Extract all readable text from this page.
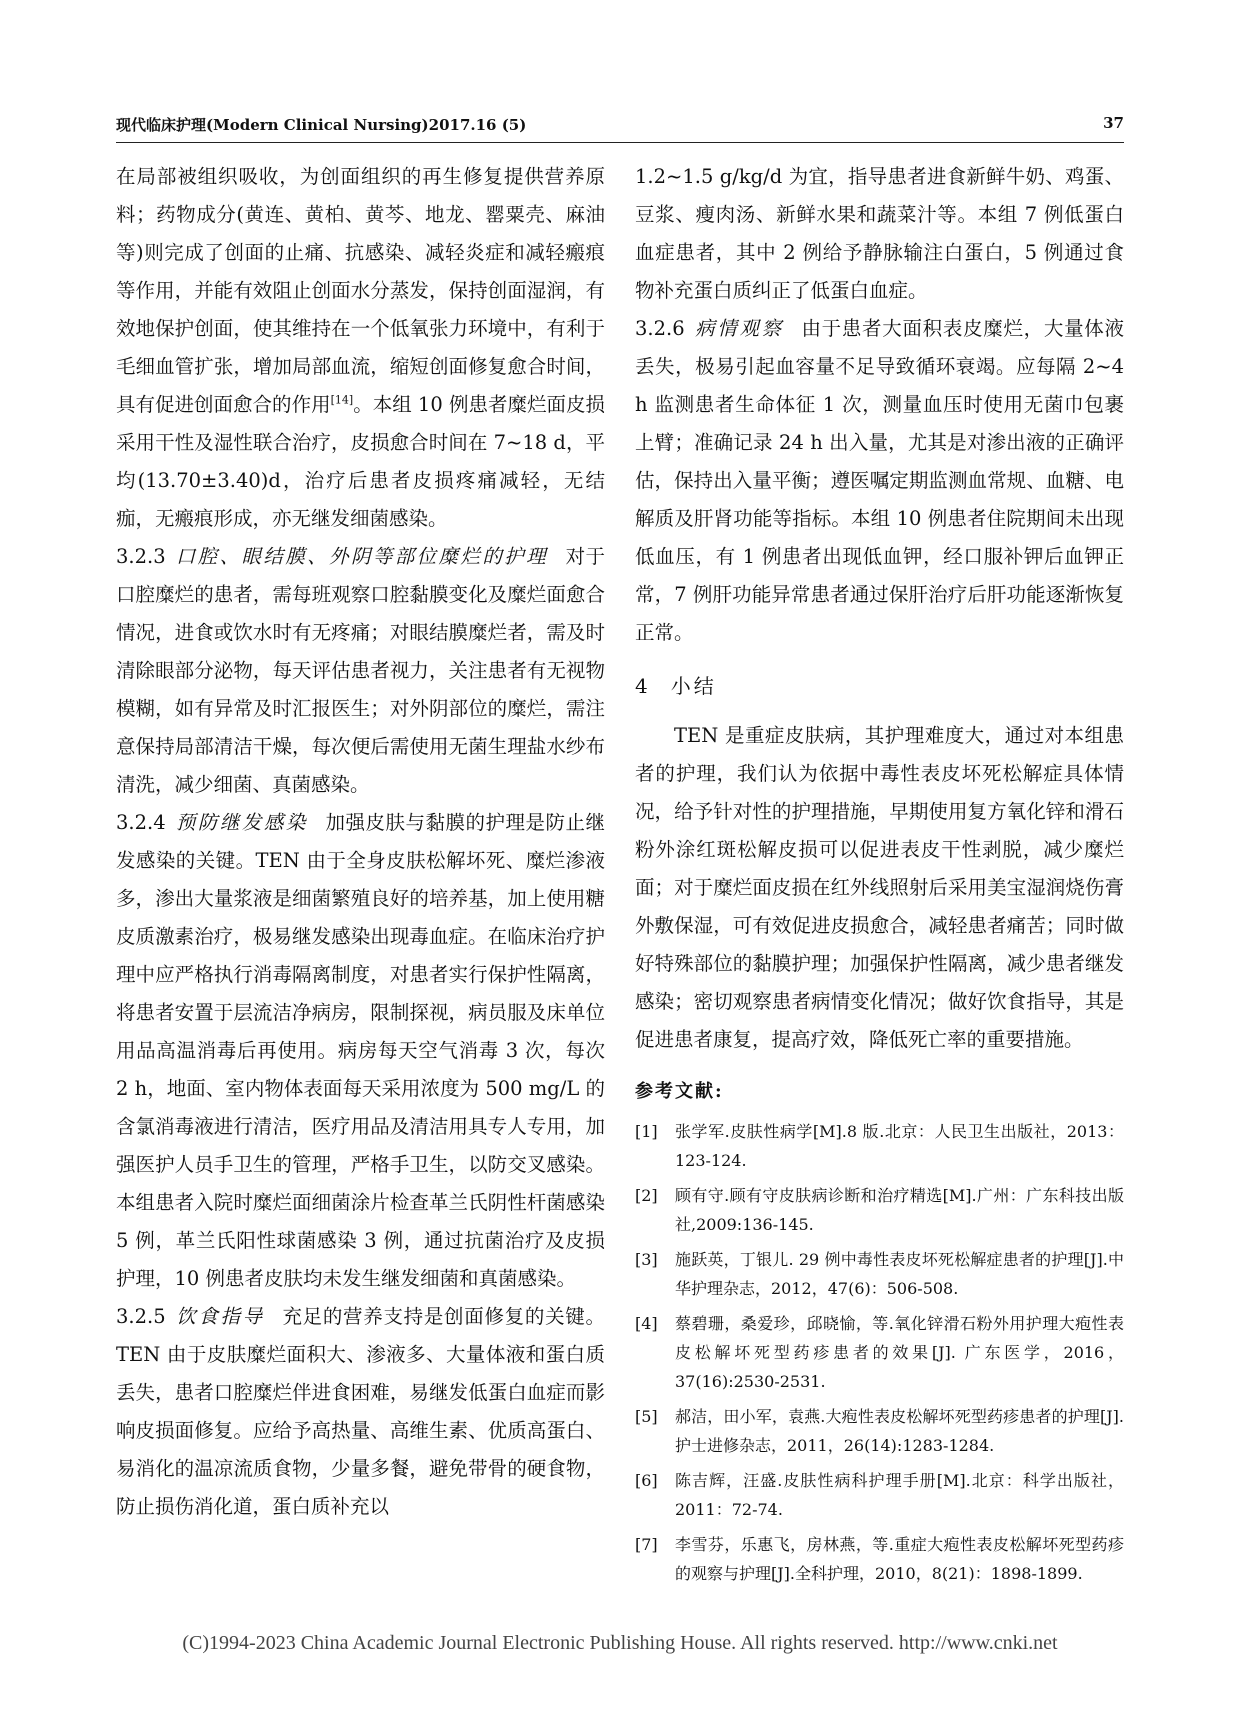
现代临床护理(Modern Clinical Nursing)2017.16 (5)	37

在局部被组织吸收，为创面组织的再生修复提供营养原料；药物成分(黄连、黄柏、黄芩、地龙、罂粟壳、麻油等)则完成了创面的止痛、抗感染、减轻炎症和减轻瘢痕等作用，并能有效阻止创面水分蒸发，保持创面湿润，有效地保护创面，使其维持在一个低氧张力环境中，有利于毛细血管扩张，增加局部血流，缩短创面修复愈合时间，具有促进创面愈合的作用[14]。本组 10 例患者糜烂面皮损采用干性及湿性联合治疗，皮损愈合时间在 7~18 d，平均(13.70±3.40)d，治疗后患者皮损疼痛减轻，无结痂，无瘢痕形成，亦无继发细菌感染。

3.2.3 口腔、眼结膜、外阴等部位糜烂的护理 对于口腔糜烂的患者，需每班观察口腔黏膜变化及糜烂面愈合情况，进食或饮水时有无疼痛；对眼结膜糜烂者，需及时清除眼部分泌物，每天评估患者视力，关注患者有无视物模糊，如有异常及时汇报医生；对外阴部位的糜烂，需注意保持局部清洁干燥，每次便后需使用无菌生理盐水纱布清洗，减少细菌、真菌感染。

3.2.4 预防继发感染 加强皮肤与黏膜的护理是防止继发感染的关键。TEN 由于全身皮肤松解坏死、糜烂渗液多，渗出大量浆液是细菌繁殖良好的培养基，加上使用糖皮质激素治疗，极易继发感染出现毒血症。在临床治疗护理中应严格执行消毒隔离制度，对患者实行保护性隔离，将患者安置于层流洁净病房，限制探视，病员服及床单位用品高温消毒后再使用。病房每天空气消毒 3 次，每次 2 h，地面、室内物体表面每天采用浓度为 500 mg/L 的含氯消毒液进行清洁，医疗用品及清洁用具专人专用，加强医护人员手卫生的管理，严格手卫生，以防交叉感染。本组患者入院时糜烂面细菌涂片检查革兰氏阴性杆菌感染 5 例，革兰氏阳性球菌感染 3 例，通过抗菌治疗及皮损护理，10 例患者皮肤均未发生继发细菌和真菌感染。

3.2.5 饮食指导 充足的营养支持是创面修复的关键。TEN 由于皮肤糜烂面积大、渗液多、大量体液和蛋白质丢失，患者口腔糜烂伴进食困难，易继发低蛋白血症而影响皮损面修复。应给予高热量、高维生素、优质高蛋白、易消化的温凉流质食物，少量多餐，避免带骨的硬食物，防止损伤消化道，蛋白质补充以

1.2~1.5 g/kg/d 为宜，指导患者进食新鲜牛奶、鸡蛋、豆浆、瘦肉汤、新鲜水果和蔬菜汁等。本组 7 例低蛋白血症患者，其中 2 例给予静脉输注白蛋白，5 例通过食物补充蛋白质纠正了低蛋白血症。

3.2.6 病情观察 由于患者大面积表皮糜烂，大量体液丢失，极易引起血容量不足导致循环衰竭。应每隔 2~4 h 监测患者生命体征 1 次，测量血压时使用无菌巾包裹上臂；准确记录 24 h 出入量，尤其是对渗出液的正确评估，保持出入量平衡；遵医嘱定期监测血常规、血糖、电解质及肝肾功能等指标。本组 10 例患者住院期间未出现低血压，有 1 例患者出现低血钾，经口服补钾后血钾正常，7 例肝功能异常患者通过保肝治疗后肝功能逐渐恢复正常。

4 小结

TEN 是重症皮肤病，其护理难度大，通过对本组患者的护理，我们认为依据中毒性表皮坏死松解症具体情况，给予针对性的护理措施，早期使用复方氧化锌和滑石粉外涂红斑松解皮损可以促进表皮干性剥脱，减少糜烂面；对于糜烂面皮损在红外线照射后采用美宝湿润烧伤膏外敷保湿，可有效促进皮损愈合，减轻患者痛苦；同时做好特殊部位的黏膜护理；加强保护性隔离，减少患者继发感染；密切观察患者病情变化情况；做好饮食指导，其是促进患者康复，提高疗效，降低死亡率的重要措施。

参考文献:
[1] 张学军.皮肤性病学[M].8 版.北京：人民卫生出版社，2013：123-124.
[2] 顾有守.顾有守皮肤病诊断和治疗精选[M].广州：广东科技出版社,2009:136-145.
[3] 施跃英，丁银儿. 29 例中毒性表皮坏死松解症患者的护理[J].中华护理杂志，2012，47(6)：506-508.
[4] 蔡碧珊，桑爱珍，邱晓愉，等.氧化锌滑石粉外用护理大疱性表皮松解坏死型药疹患者的效果[J]. 广东医学，2016，37(16):2530-2531.
[5] 郝洁，田小军，袁燕.大疱性表皮松解坏死型药疹患者的护理[J].护士进修杂志，2011，26(14):1283-1284.
[6] 陈吉辉，汪盛.皮肤性病科护理手册[M].北京：科学出版社，2011：72-74.
[7] 李雪芬，乐惠飞，房林燕，等.重症大疱性表皮松解坏死型药疹的观察与护理[J].全科护理，2010，8(21)：1898-1899.
(C)1994-2023 China Academic Journal Electronic Publishing House. All rights reserved. http://www.cnki.net
